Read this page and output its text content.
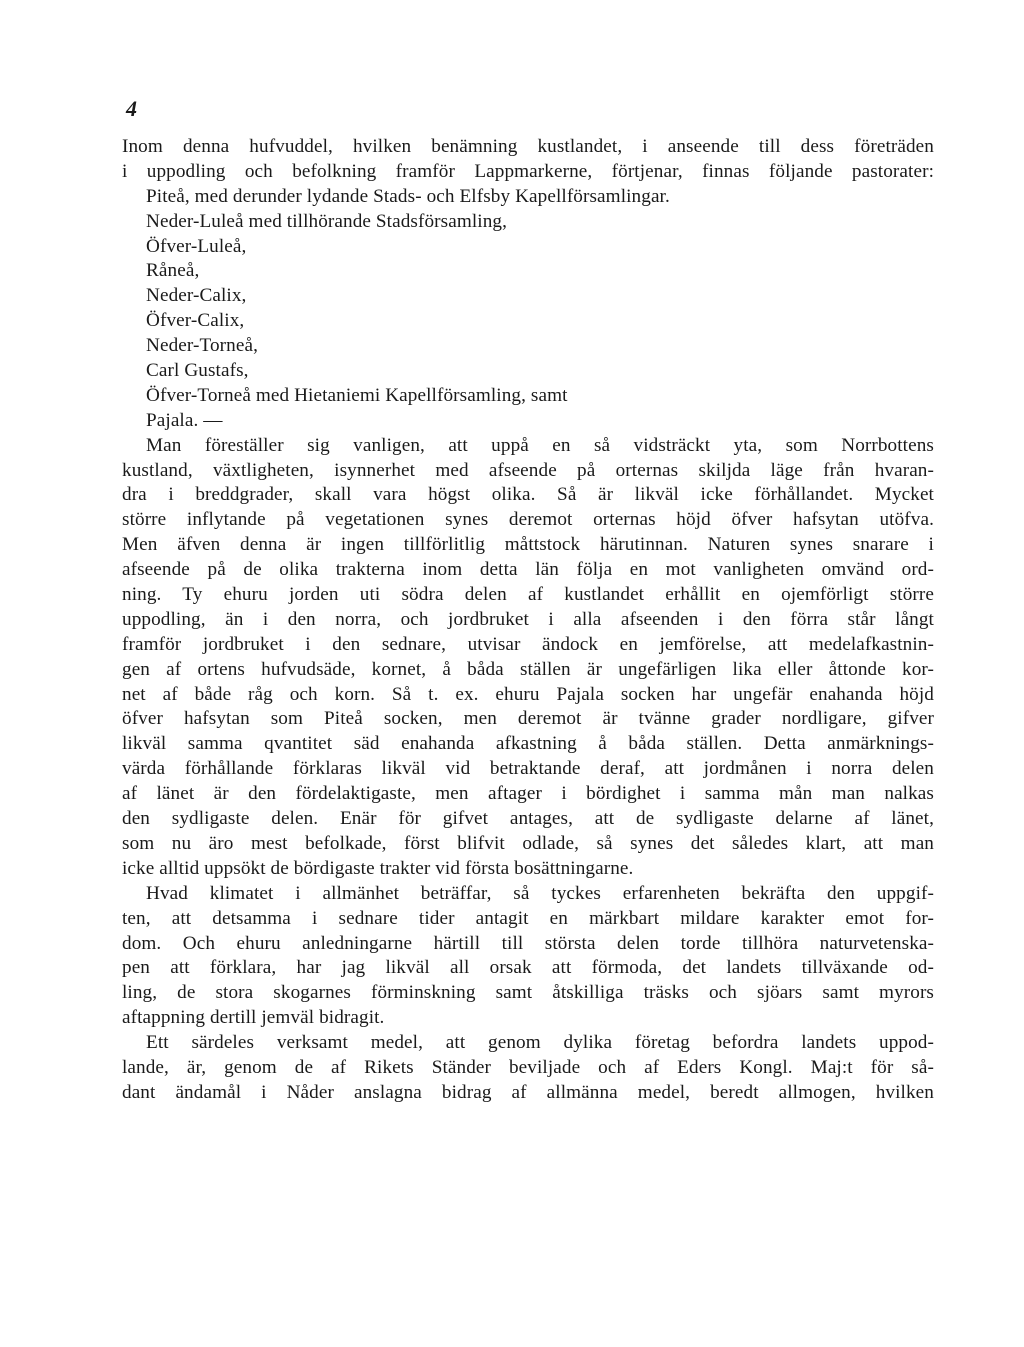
4
Inom denna hufvuddel, hvilken benämning kustlandet, i anseende till dess företräden
i uppodling och befolkning framför Lappmarkerne, förtjenar, finnas följande pastorater:
Piteå, med derunder lydande Stads- och Elfsby Kapellförsamlingar.
Neder-Luleå med tillhörande Stadsförsamling,
Öfver-Luleå,
Råneå,
Neder-Calix,
Öfver-Calix,
Neder-Torneå,
Carl Gustafs,
Öfver-Torneå med Hietaniemi Kapellförsamling, samt
Pajala. —
Man föreställer sig vanligen, att uppå en så vidsträckt yta, som Norrbottens
kustland, växtligheten, isynnerhet med afseende på orternas skiljda läge från hvaran-
dra i breddgrader, skall vara högst olika. Så är likväl icke förhållandet. Mycket
större inflytande på vegetationen synes deremot orternas höjd öfver hafsytan utöfva.
Men äfven denna är ingen tillförlitlig måttstock härutinnan. Naturen synes snarare i
afseende på de olika trakterna inom detta län följa en mot vanligheten omvänd ord-
ning. Ty ehuru jorden uti södra delen af kustlandet erhållit en ojemförligt större
uppodling, än i den norra, och jordbruket i alla afseenden i den förra står långt
framför jordbruket i den sednare, utvisar ändock en jemförelse, att medelafkastnin-
gen af ortens hufvudsäde, kornet, å båda ställen är ungefärligen lika eller åttonde kor-
net af både råg och korn. Så t. ex. ehuru Pajala socken har ungefär enahanda höjd
öfver hafsytan som Piteå socken, men deremot är tvänne grader nordligare, gifver
likväl samma qvantitet säd enahanda afkastning å båda ställen. Detta anmärknings-
värda förhållande förklaras likväl vid betraktande deraf, att jordmånen i norra delen
af länet är den fördelaktigaste, men aftager i bördighet i samma mån man nalkas
den sydligaste delen. Enär för gifvet antages, att de sydligaste delarne af länet,
som nu äro mest befolkade, först blifvit odlade, så synes det således klart, att man
icke alltid uppsökt de bördigaste trakter vid första bosättningarne.
Hvad klimatet i allmänhet beträffar, så tyckes erfarenheten bekräfta den uppgif-
ten, att detsamma i sednare tider antagit en märkbart mildare karakter emot for-
dom. Och ehuru anledningarne härtill till största delen torde tillhöra naturvetenska-
pen att förklara, har jag likväl all orsak att förmoda, det landets tillväxande od-
ling, de stora skogarnes förminskning samt åtskilliga träsks och sjöars samt myrors
aftappning dertill jemväl bidragit.
Ett särdeles verksamt medel, att genom dylika företag befordra landets uppod-
lande, är, genom de af Rikets Ständer beviljade och af Eders Kongl. Maj:t för så-
dant ändamål i Nåder anslagna bidrag af allmänna medel, beredt allmogen, hvilken
